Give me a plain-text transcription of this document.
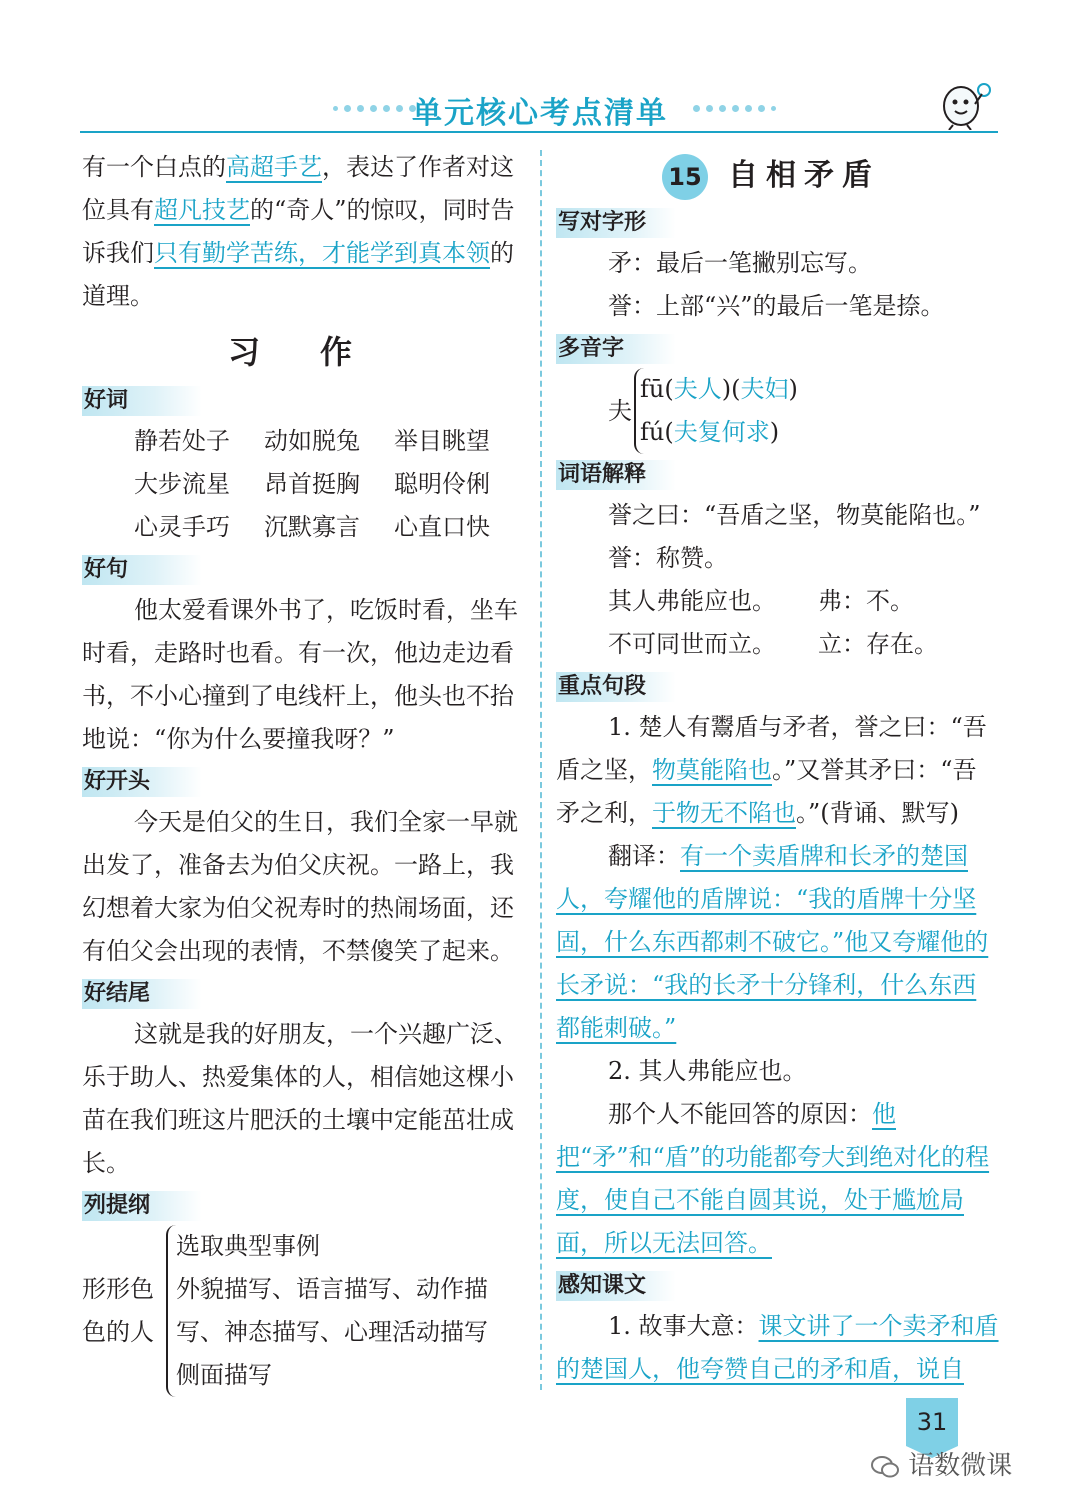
单元核心考点清单

有一个白点的高超手艺，表达了作者对这位具有超凡技艺的“奇人”的惊叹，同时告诉我们只有勤学苦练，才能学到真本领的道理。

习作
好词
静若处子 动如脱兔 举目眺望
大步流星 昂首挺胸 聪明伶俐
心灵手巧 沉默寡言 心直口快
好句

他太爱看课外书了，吃饭时看，坐车时看，走路时也看。有一次，他边走边看书，不小心撞到了电线杆上，他头也不抬地说：“你为什么要撞我呀？”

好开头

今天是伯父的生日，我们全家一早就出发了，准备去为伯父庆祝。一路上，我幻想着大家为伯父祝寿时的热闹场面，还有伯父会出现的表情，不禁傻笑了起来。

好结尾

这就是我的好朋友，一个兴趣广泛、乐于助人、热爱集体的人，相信她这棵小苗在我们班这片肥沃的土壤中定能茁壮成长。

列提纲
形形色色的人
选取典型事例
外貌描写、语言描写、动作描写、神态描写、心理活动描写
侧面描写
15 自相矛盾
写对字形

矛：最后一笔撇别忘写。

誉：上部“兴”的最后一笔是捺。

多音字
夫
fū(夫人)(夫妇)
fú(夫复何求)
词语解释

誉之曰：“吾盾之坚，物莫能陷也。”

誉：称赞。

其人弗能应也。 弗：不。

不可同世而立。 立：存在。

重点句段

1. 楚人有鬻盾与矛者，誉之曰：“吾盾之坚，物莫能陷也。”又誉其矛曰：“吾矛之利，于物无不陷也。”(背诵、默写)

翻译：有一个卖盾牌和长矛的楚国人，夸耀他的盾牌说：“我的盾牌十分坚固，什么东西都刺不破它。”他又夸耀他的长矛说：“我的长矛十分锋利，什么东西都能刺破。”

2. 其人弗能应也。

那个人不能回答的原因：他把“矛”和“盾”的功能都夸大到绝对化的程度，使自己不能自圆其说，处于尴尬局面，所以无法回答。

感知课文

1. 故事大意：课文讲了一个卖矛和盾的楚国人，他夸赞自己的矛和盾，说自

31
语数微课
